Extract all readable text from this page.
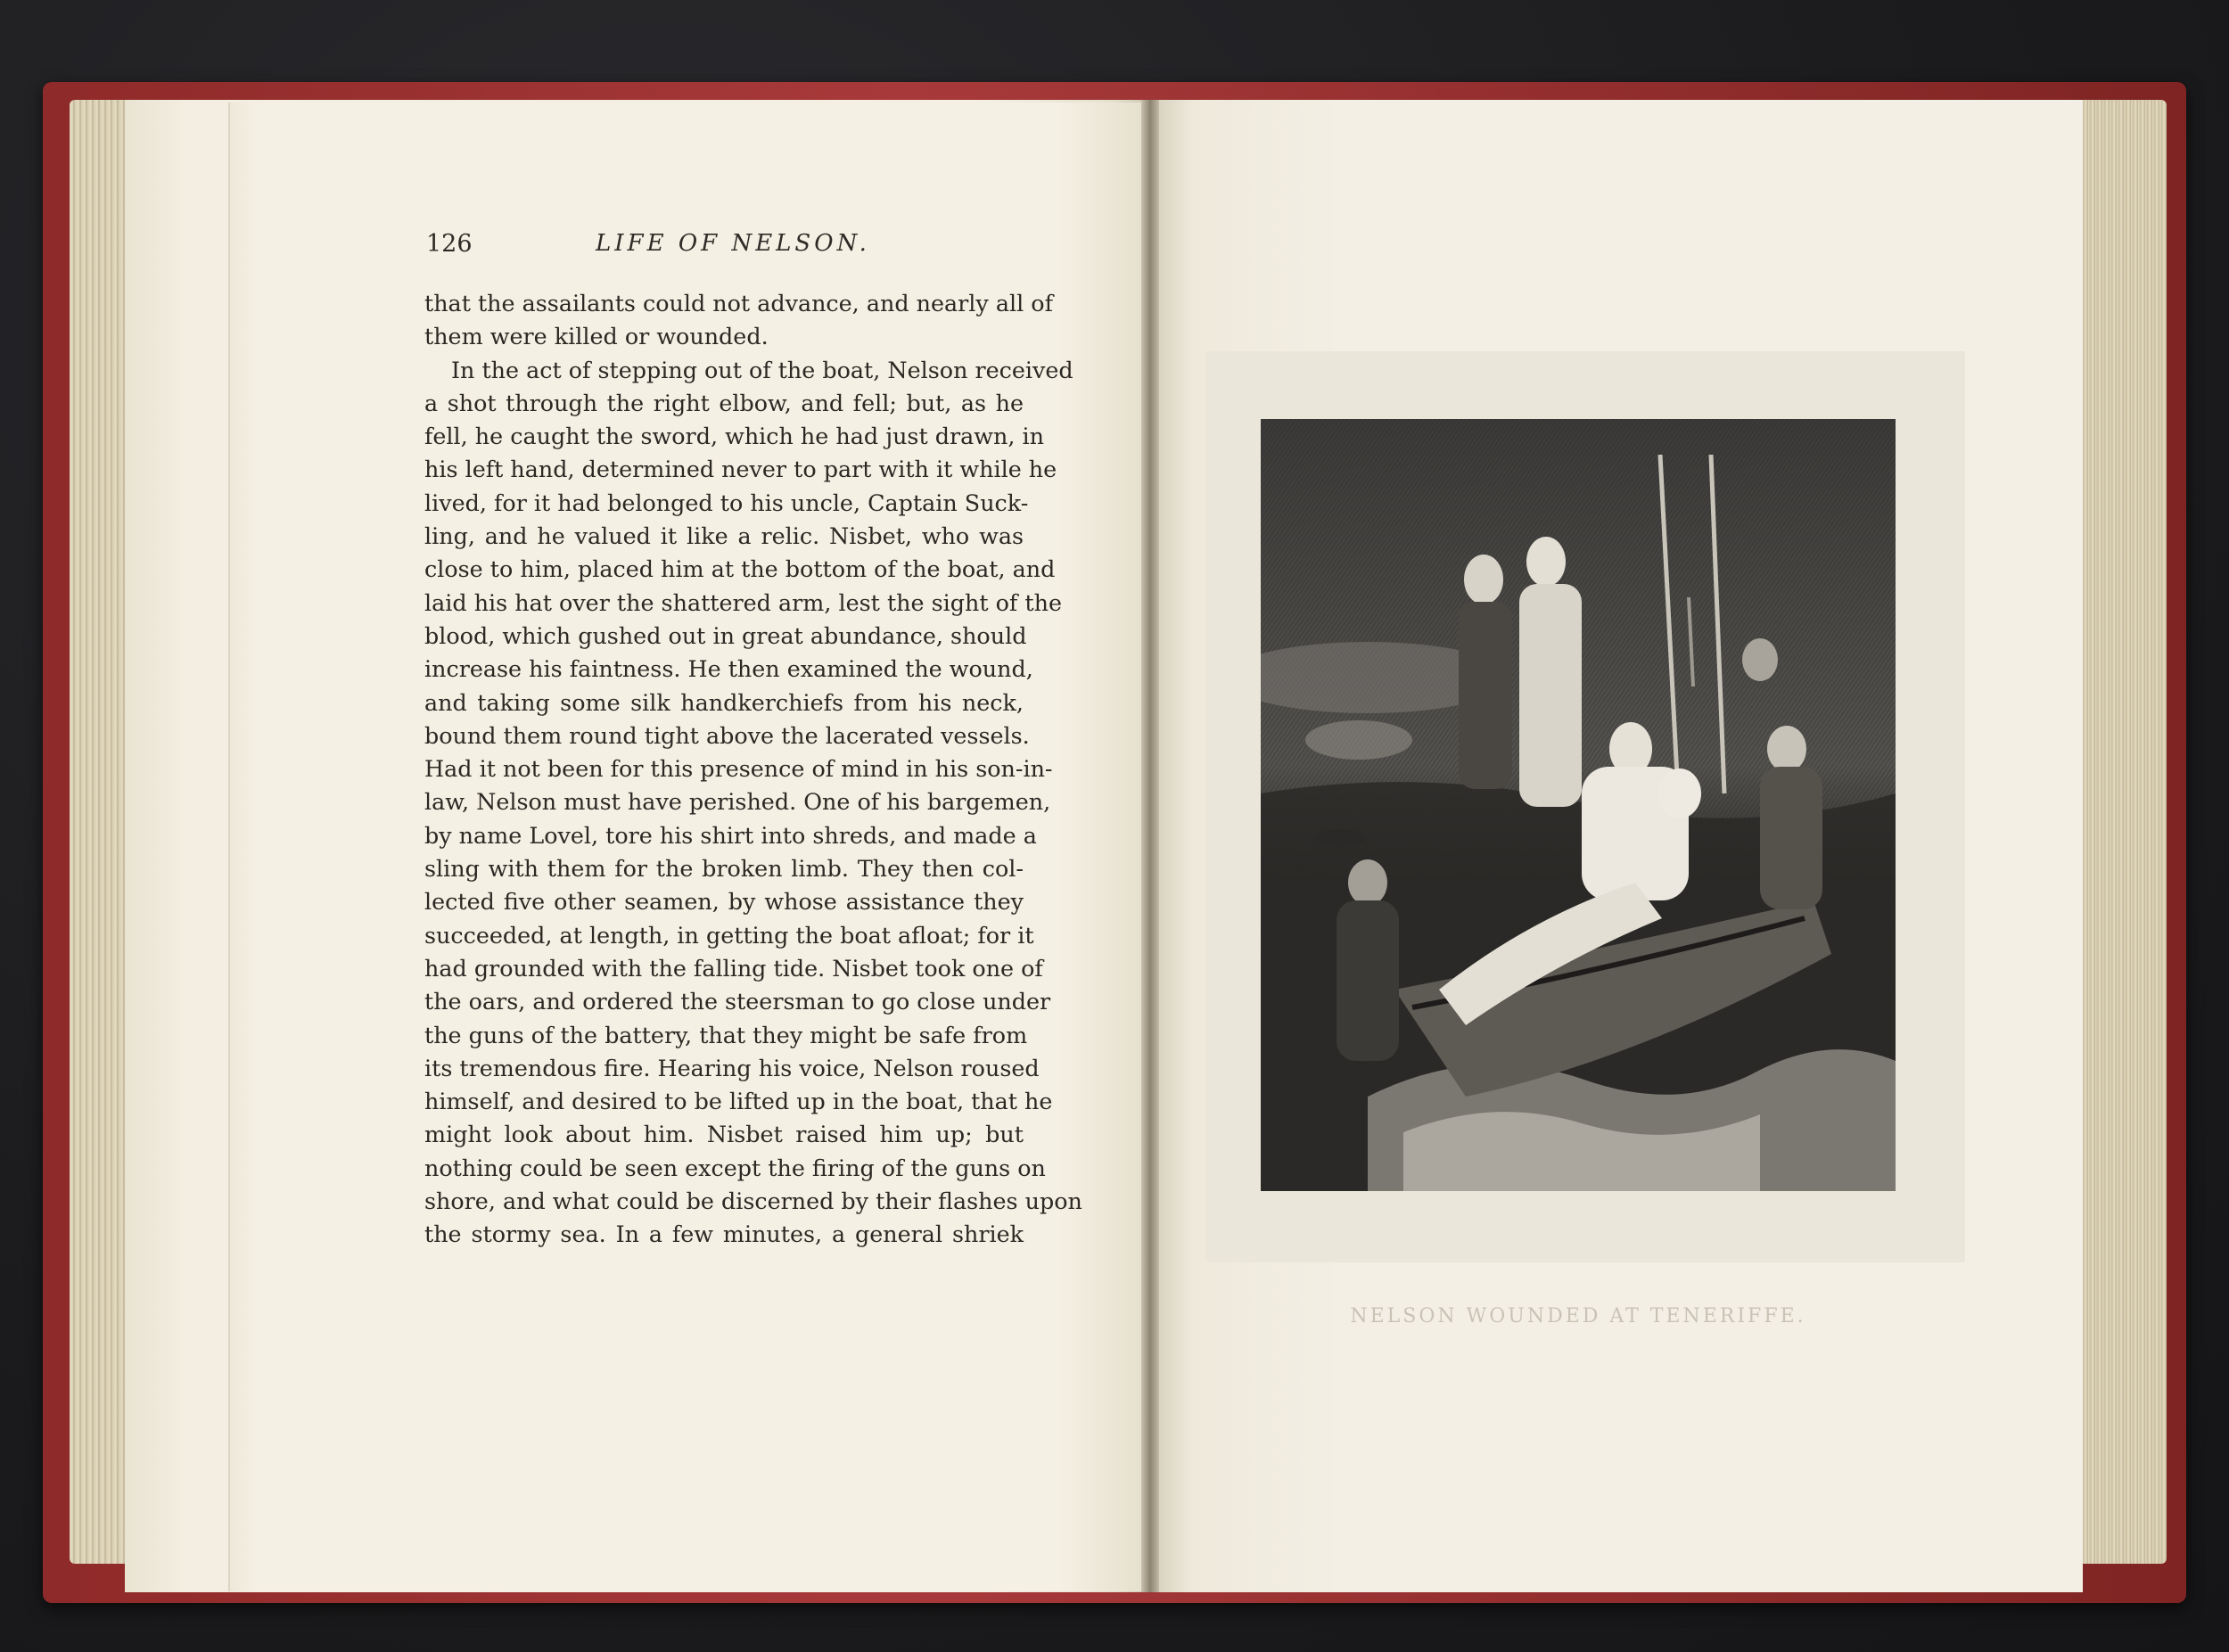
126	LIFE OF NELSON.
that the assailants could not advance, and nearly all of
them were killed or wounded.
In the act of stepping out of the boat, Nelson received
a shot through the right elbow, and fell; but, as he
fell, he caught the sword, which he had just drawn, in
his left hand, determined never to part with it while he
lived, for it had belonged to his uncle, Captain Suck-
ling, and he valued it like a relic. Nisbet, who was
close to him, placed him at the bottom of the boat, and
laid his hat over the shattered arm, lest the sight of the
blood, which gushed out in great abundance, should
increase his faintness. He then examined the wound,
and taking some silk handkerchiefs from his neck,
bound them round tight above the lacerated vessels.
Had it not been for this presence of mind in his son-in-
law, Nelson must have perished. One of his bargemen,
by name Lovel, tore his shirt into shreds, and made a
sling with them for the broken limb. They then col-
lected five other seamen, by whose assistance they
succeeded, at length, in getting the boat afloat; for it
had grounded with the falling tide. Nisbet took one of
the oars, and ordered the steersman to go close under
the guns of the battery, that they might be safe from
its tremendous fire. Hearing his voice, Nelson roused
himself, and desired to be lifted up in the boat, that he
might look about him. Nisbet raised him up; but
nothing could be seen except the firing of the guns on
shore, and what could be discerned by their flashes upon
the stormy sea. In a few minutes, a general shriek
NELSON WOUNDED AT TENERIFFE.
